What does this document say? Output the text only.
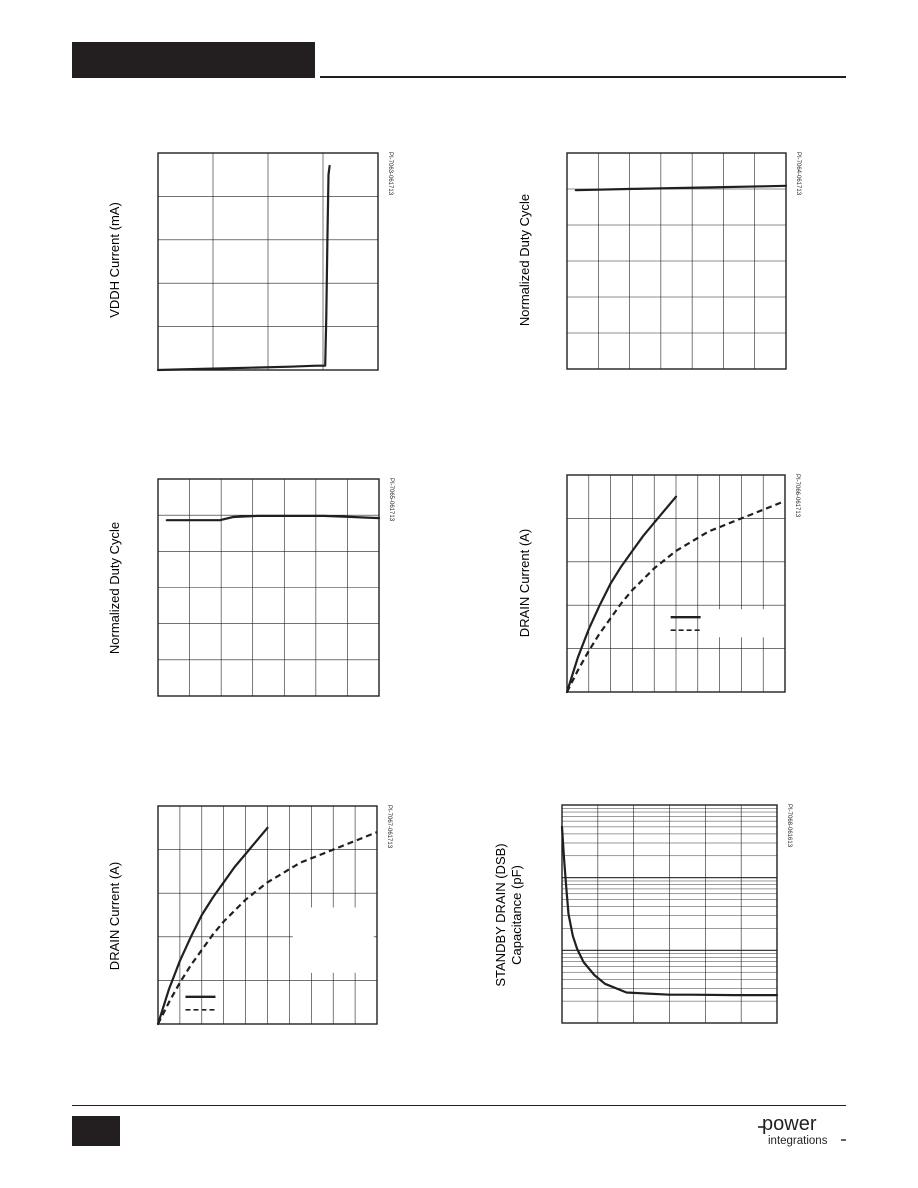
VDDH Current (mA)
PI-7063-061713
Normalized Duty Cycle
PI-7064-061713
Normalized Duty Cycle
PI-7065-061713
DRAIN Current (A)
PI-7066-061713
DRAIN Current (A)
PI-7067-061713
STANDBY DRAIN (DSB) Capacitance (pF)
PI-7068-061613
power
integrations
